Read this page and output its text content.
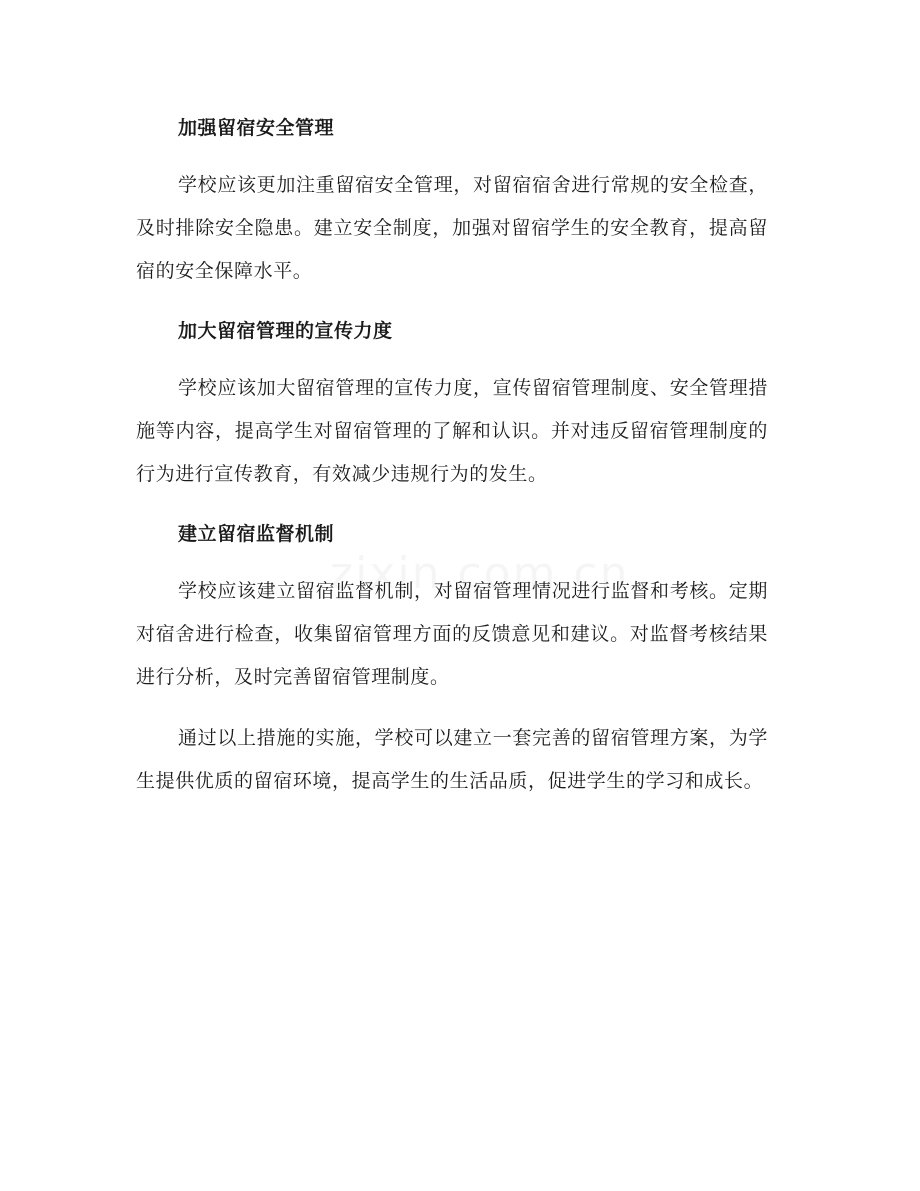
加强留宿安全管理

学校应该更加注重留宿安全管理，对留宿宿舍进行常规的安全检查，及时排除安全隐患。建立安全制度，加强对留宿学生的安全教育，提高留宿的安全保障水平。

加大留宿管理的宣传力度

学校应该加大留宿管理的宣传力度，宣传留宿管理制度、安全管理措施等内容，提高学生对留宿管理的了解和认识。并对违反留宿管理制度的行为进行宣传教育，有效减少违规行为的发生。

建立留宿监督机制

学校应该建立留宿监督机制，对留宿管理情况进行监督和考核。定期对宿舍进行检查，收集留宿管理方面的反馈意见和建议。对监督考核结果进行分析，及时完善留宿管理制度。

通过以上措施的实施，学校可以建立一套完善的留宿管理方案，为学生提供优质的留宿环境，提高学生的生活品质，促进学生的学习和成长。
